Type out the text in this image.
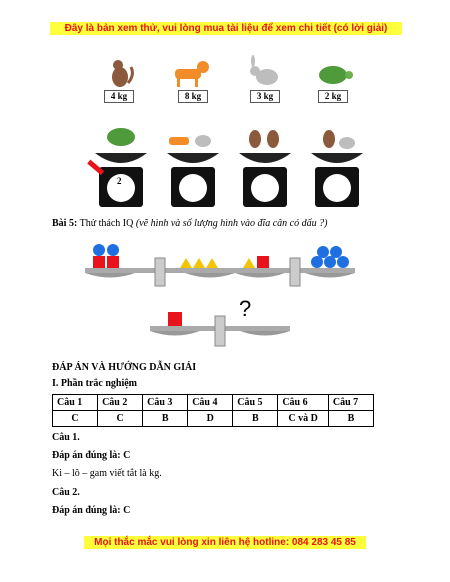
Đây là bản xem thử, vui lòng mua tài liệu để xem chi tiết (có lời giải)
4 kg	8 kg	3 kg	2 kg
2
Bài 5: Thử thách IQ (vẽ hình và số lượng hình vào đĩa cân có dấu ?)
?
ĐÁP ÁN VÀ HƯỚNG DẪN GIẢI
I. Phần trắc nghiệm
Câu 1	Câu 2	Câu 3	Câu 4	Câu 5	Câu 6	Câu 7
C	C	B	D	B	C và D	B
Câu 1.
Đáp án đúng là: C
Ki – lô – gam viết tắt là kg.
Câu 2.
Đáp án đúng là: C
Mọi thắc mắc vui lòng xin liên hệ hotline: 084 283 45 85
